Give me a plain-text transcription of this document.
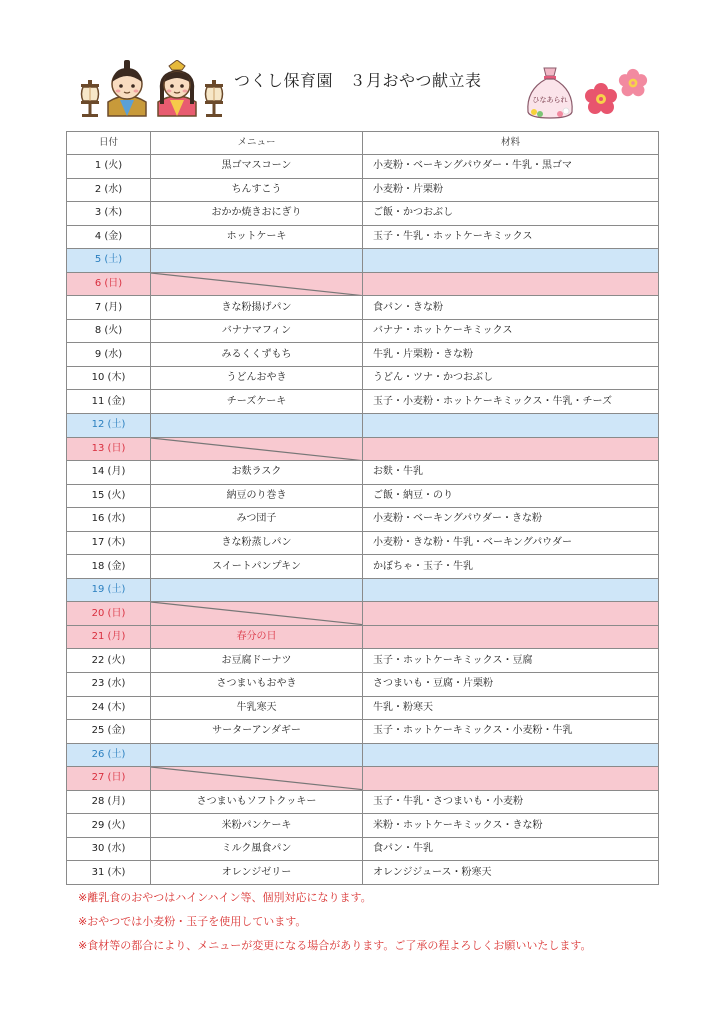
つくし保育園　３月おやつ献立表
ひなあられ
日付	メニュー	材料
1 (火)	黒ゴマスコーン	小麦粉・ベーキングパウダー・牛乳・黒ゴマ
2 (水)	ちんすこう	小麦粉・片栗粉
3 (木)	おかか焼きおにぎり	ご飯・かつおぶし
4 (金)	ホットケーキ	玉子・牛乳・ホットケーキミックス
5 (土)		
6 (日)	

7 (月)	きな粉揚げパン	食パン・きな粉
8 (火)	バナナマフィン	バナナ・ホットケーキミックス
9 (水)	みるくくずもち	牛乳・片栗粉・きな粉
10 (木)	うどんおやき	うどん・ツナ・かつおぶし
11 (金)	チーズケーキ	玉子・小麦粉・ホットケーキミックス・牛乳・チーズ
12 (土)		
13 (日)	

14 (月)	お麩ラスク	お麩・牛乳
15 (火)	納豆のり巻き	ご飯・納豆・のり
16 (水)	みつ団子	小麦粉・ベーキングパウダー・きな粉
17 (木)	きな粉蒸しパン	小麦粉・きな粉・牛乳・ベーキングパウダー
18 (金)	スイートパンプキン	かぼちゃ・玉子・牛乳
19 (土)		
20 (日)	

21 (月)	春分の日	
22 (火)	お豆腐ドーナツ	玉子・ホットケーキミックス・豆腐
23 (水)	さつまいもおやき	さつまいも・豆腐・片栗粉
24 (木)	牛乳寒天	牛乳・粉寒天
25 (金)	サーターアンダギー	玉子・ホットケーキミックス・小麦粉・牛乳
26 (土)		
27 (日)	

28 (月)	さつまいもソフトクッキー	玉子・牛乳・さつまいも・小麦粉
29 (火)	米粉パンケーキ	米粉・ホットケーキミックス・きな粉
30 (水)	ミルク風食パン	食パン・牛乳
31 (木)	オレンジゼリー	オレンジジュース・粉寒天
※離乳食のおやつはハインハイン等、個別対応になります。
※おやつでは小麦粉・玉子を使用しています。
※食材等の都合により、メニューが変更になる場合があります。ご了承の程よろしくお願いいたします。
